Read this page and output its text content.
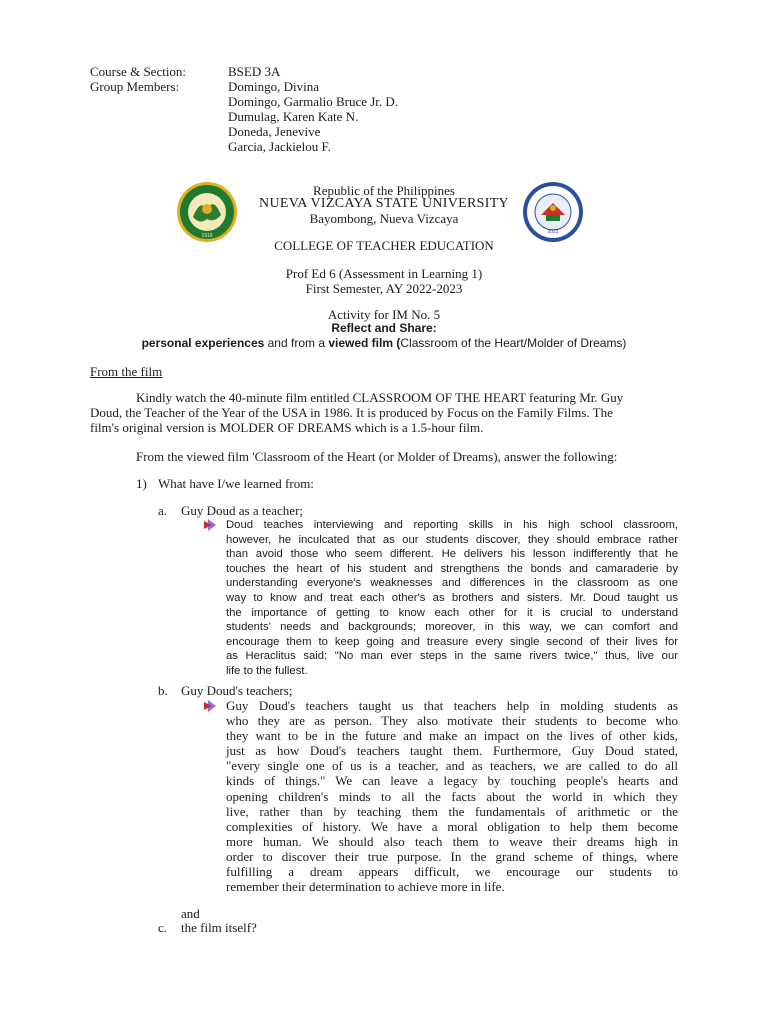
Course & Section:	BSED 3A
Group Members:	Domingo, Divina
Domingo, Garmalio Bruce Jr. D.
Dumulag, Karen Kate N.
Doneda, Jenevive
Garcia, Jackielou F.
1916
2023
Republic of the Philippines
NUEVA VIZCAYA STATE UNIVERSITY
Bayombong, Nueva Vizcaya
COLLEGE OF TEACHER EDUCATION
Prof Ed 6 (Assessment in Learning 1)
First Semester, AY 2022-2023
Activity for IM No. 5
Reflect and Share:
personal experiences and from a viewed film (Classroom of the Heart/Molder of Dreams)
From the film
Kindly watch the 40-minute film entitled CLASSROOM OF THE HEART featuring Mr. Guy
Doud, the Teacher of the Year of the USA in 1986. It is produced by Focus on the Family Films. The
film's original version is MOLDER OF DREAMS which is a 1.5-hour film.
From the viewed film 'Classroom of the Heart (or Molder of Dreams), answer the following:
1) What have I/we learned from:
a. Guy Doud as a teacher;
Doud teaches interviewing and reporting skills in his high school classroom,
however, he inculcated that as our students discover, they should embrace rather
than avoid those who seem different. He delivers his lesson indifferently that he
touches the heart of his student and strengthens the bonds and camaraderie by
understanding everyone's weaknesses and differences in the classroom as one
way to know and treat each other's as brothers and sisters. Mr. Doud taught us
the importance of getting to know each other for it is crucial to understand
students' needs and backgrounds; moreover, in this way, we can comfort and
encourage them to keep going and treasure every single second of their lives for
as Heraclitus said: "No man ever steps in the same rivers twice," thus, live our
life to the fullest.
b. Guy Doud's teachers;
Guy Doud's teachers taught us that teachers help in molding students as
who they are as person. They also motivate their students to become who
they want to be in the future and make an impact on the lives of other kids,
just as how Doud's teachers taught them. Furthermore, Guy Doud stated,
"every single one of us is a teacher, and as teachers, we are called to do all
kinds of things." We can leave a legacy by touching people's hearts and
opening children's minds to all the facts about the world in which they
live, rather than by teaching them the fundamentals of arithmetic or the
complexities of history. We have a moral obligation to help them become
more human. We should also teach them to weave their dreams high in
order to discover their true purpose. In the grand scheme of things, where
fulfilling a dream appears difficult, we encourage our students to
remember their determination to achieve more in life.
and
c. the film itself?
